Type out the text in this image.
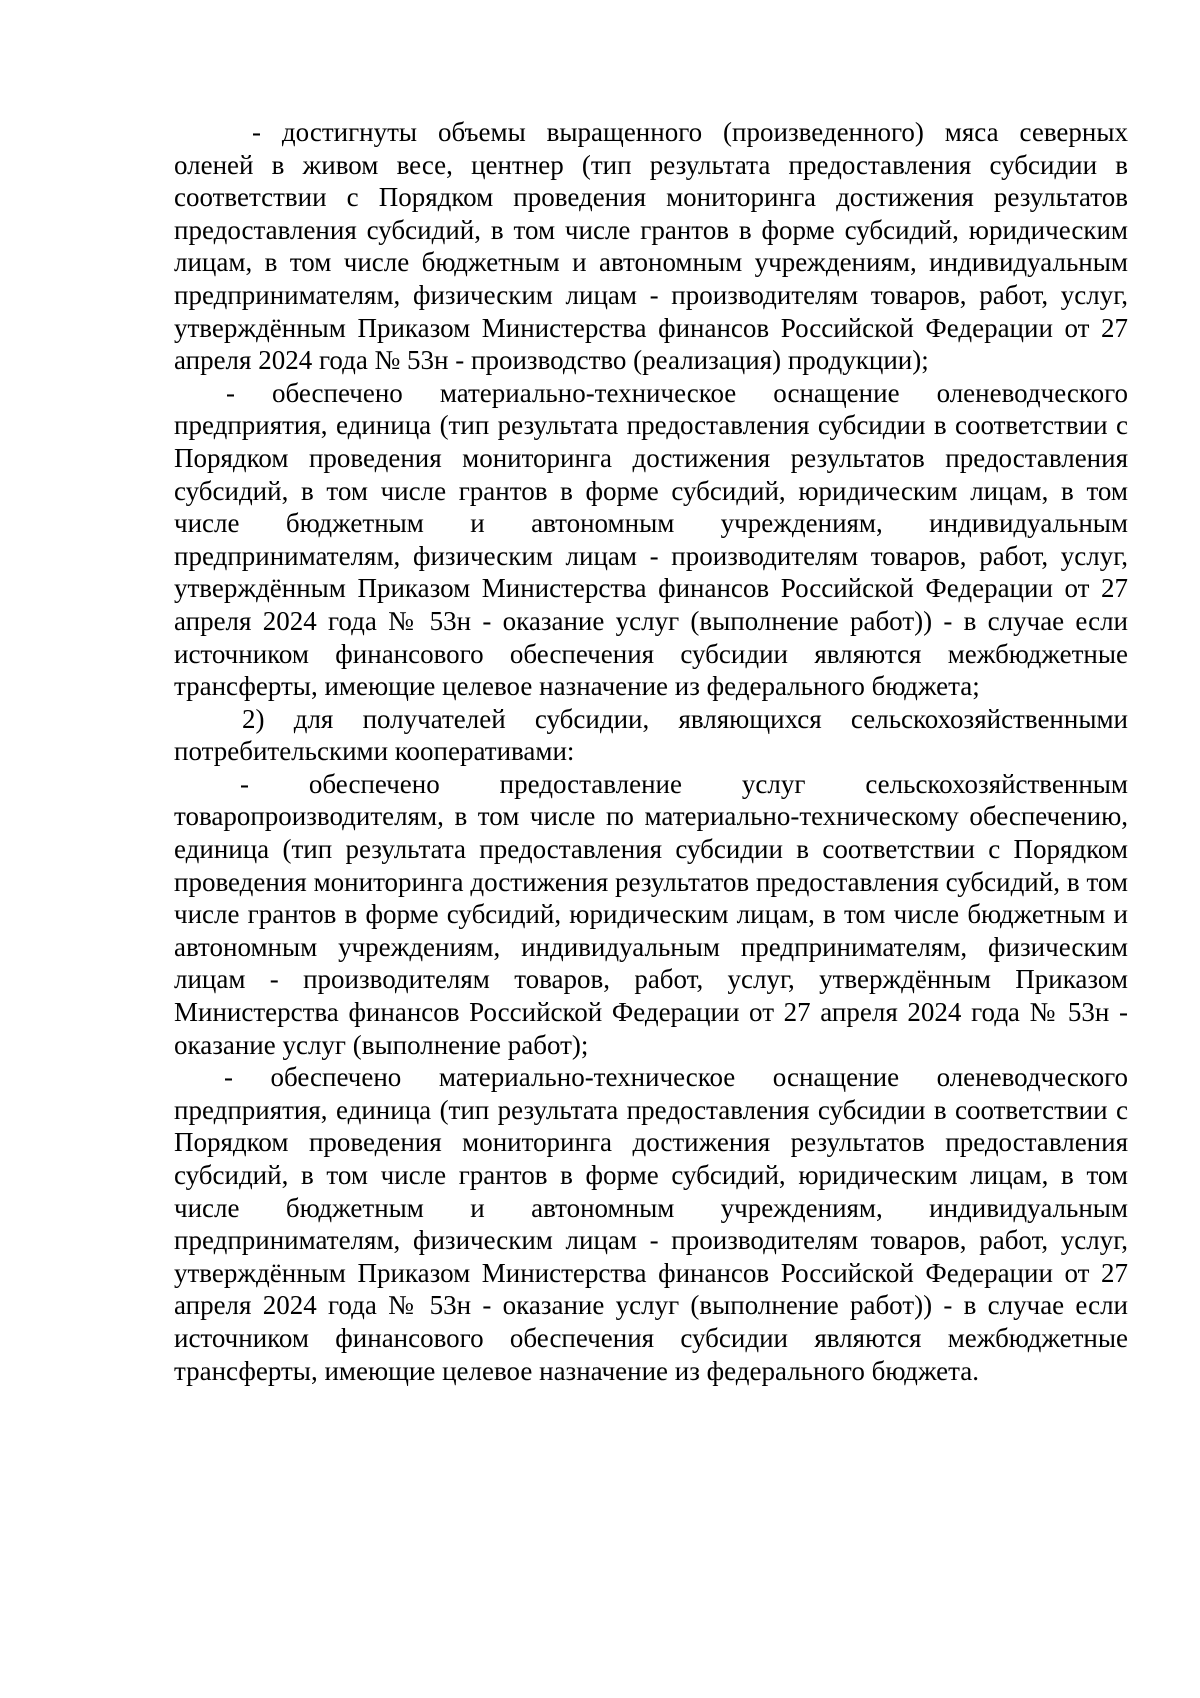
- достигнуты объемы выращенного (произведенного) мяса северных оленей в живом весе, центнер (тип результата предоставления субсидии в соответствии с Порядком проведения мониторинга достижения результатов предоставления субсидий, в том числе грантов в форме субсидий, юридическим лицам, в том числе бюджетным и автономным учреждениям, индивидуальным предпринимателям, физическим лицам - производителям товаров, работ, услуг, утверждённым Приказом Министерства финансов Российской Федерации от 27 апреля 2024 года № 53н - производство (реализация) продукции);

- обеспечено материально-техническое оснащение оленеводческого предприятия, единица (тип результата предоставления субсидии в соответствии с Порядком проведения мониторинга достижения результатов предоставления субсидий, в том числе грантов в форме субсидий, юридическим лицам, в том числе бюджетным и автономным учреждениям, индивидуальным предпринимателям, физическим лицам - производителям товаров, работ, услуг, утверждённым Приказом Министерства финансов Российской Федерации от 27 апреля 2024 года № 53н - оказание услуг (выполнение работ)) - в случае если источником финансового обеспечения субсидии являются межбюджетные трансферты, имеющие целевое назначение из федерального бюджета;

2) для получателей субсидии, являющихся сельскохозяйственными потребительскими кооперативами:

- обеспечено предоставление услуг сельскохозяйственным товаропроизводителям, в том числе по материально-техническому обеспечению, единица (тип результата предоставления субсидии в соответствии с Порядком проведения мониторинга достижения результатов предоставления субсидий, в том числе грантов в форме субсидий, юридическим лицам, в том числе бюджетным и автономным учреждениям, индивидуальным предпринимателям, физическим лицам - производителям товаров, работ, услуг, утверждённым Приказом Министерства финансов Российской Федерации от 27 апреля 2024 года № 53н - оказание услуг (выполнение работ);

- обеспечено материально-техническое оснащение оленеводческого предприятия, единица (тип результата предоставления субсидии в соответствии с Порядком проведения мониторинга достижения результатов предоставления субсидий, в том числе грантов в форме субсидий, юридическим лицам, в том числе бюджетным и автономным учреждениям, индивидуальным предпринимателям, физическим лицам - производителям товаров, работ, услуг, утверждённым Приказом Министерства финансов Российской Федерации от 27 апреля 2024 года № 53н - оказание услуг (выполнение работ)) - в случае если источником финансового обеспечения субсидии являются межбюджетные трансферты, имеющие целевое назначение из федерального бюджета.
